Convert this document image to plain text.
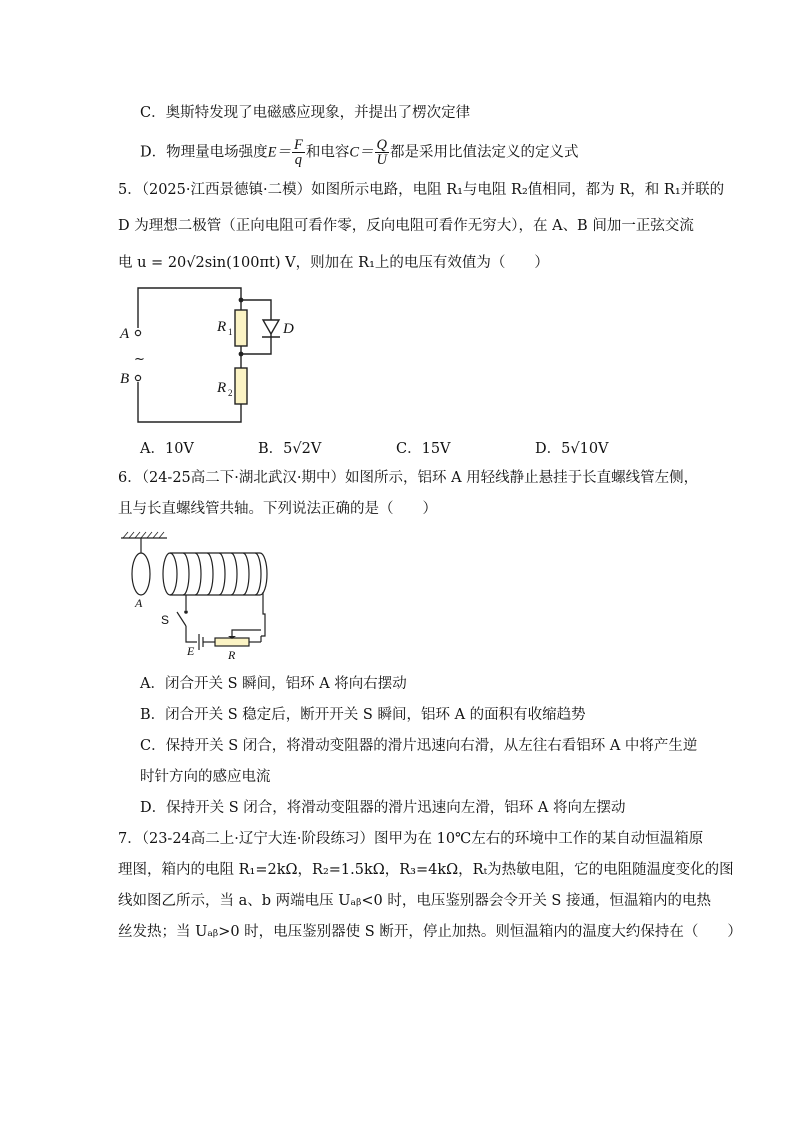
C．奥斯特发现了电磁感应现象，并提出了楞次定律
D．物理量电场强度$E= \frac{F}{q}$ 和电容$C= \frac{Q}{U}$ 都是采用比值法定义的定义式
5．（2025·江西景德镇·二模）如图所示电路，电阻 R₁与电阻 R₂值相同，都为 R，和 R₁并联的
D 为理想二极管（正向电阻可看作零，反向电阻可看作无穷大），在 A、B 间加一正弦交流
电 u = 20√2sin(100πt) V，则加在 R₁上的电压有效值为（　　）
A
B
R 1
R 2
D
~
A．10V	B．5√2V	C．15V	D．5√10V
6．（24-25高二下·湖北武汉·期中）如图所示，铝环 A 用轻线静止悬挂于长直螺线管左侧，
且与长直螺线管共轴。下列说法正确的是（　　）
A
E	R
S
A．闭合开关 S 瞬间，铝环 A 将向右摆动
B．闭合开关 S 稳定后，断开开关 S 瞬间，铝环 A 的面积有收缩趋势
C．保持开关 S 闭合，将滑动变阻器的滑片迅速向右滑，从左往右看铝环 A 中将产生逆
时针方向的感应电流
D．保持开关 S 闭合，将滑动变阻器的滑片迅速向左滑，铝环 A 将向左摆动
7．（23-24高二上·辽宁大连·阶段练习）图甲为在 10℃左右的环境中工作的某自动恒温箱原
理图，箱内的电阻 R₁=2kΩ，R₂=1.5kΩ，R₃=4kΩ，Rₜ为热敏电阻，它的电阻随温度变化的图
线如图乙所示，当 a、b 两端电压 Uₐᵦ<0 时，电压鉴别器会令开关 S 接通，恒温箱内的电热
丝发热；当 Uₐᵦ>0 时，电压鉴别器使 S 断开，停止加热。则恒温箱内的温度大约保持在（　　）
